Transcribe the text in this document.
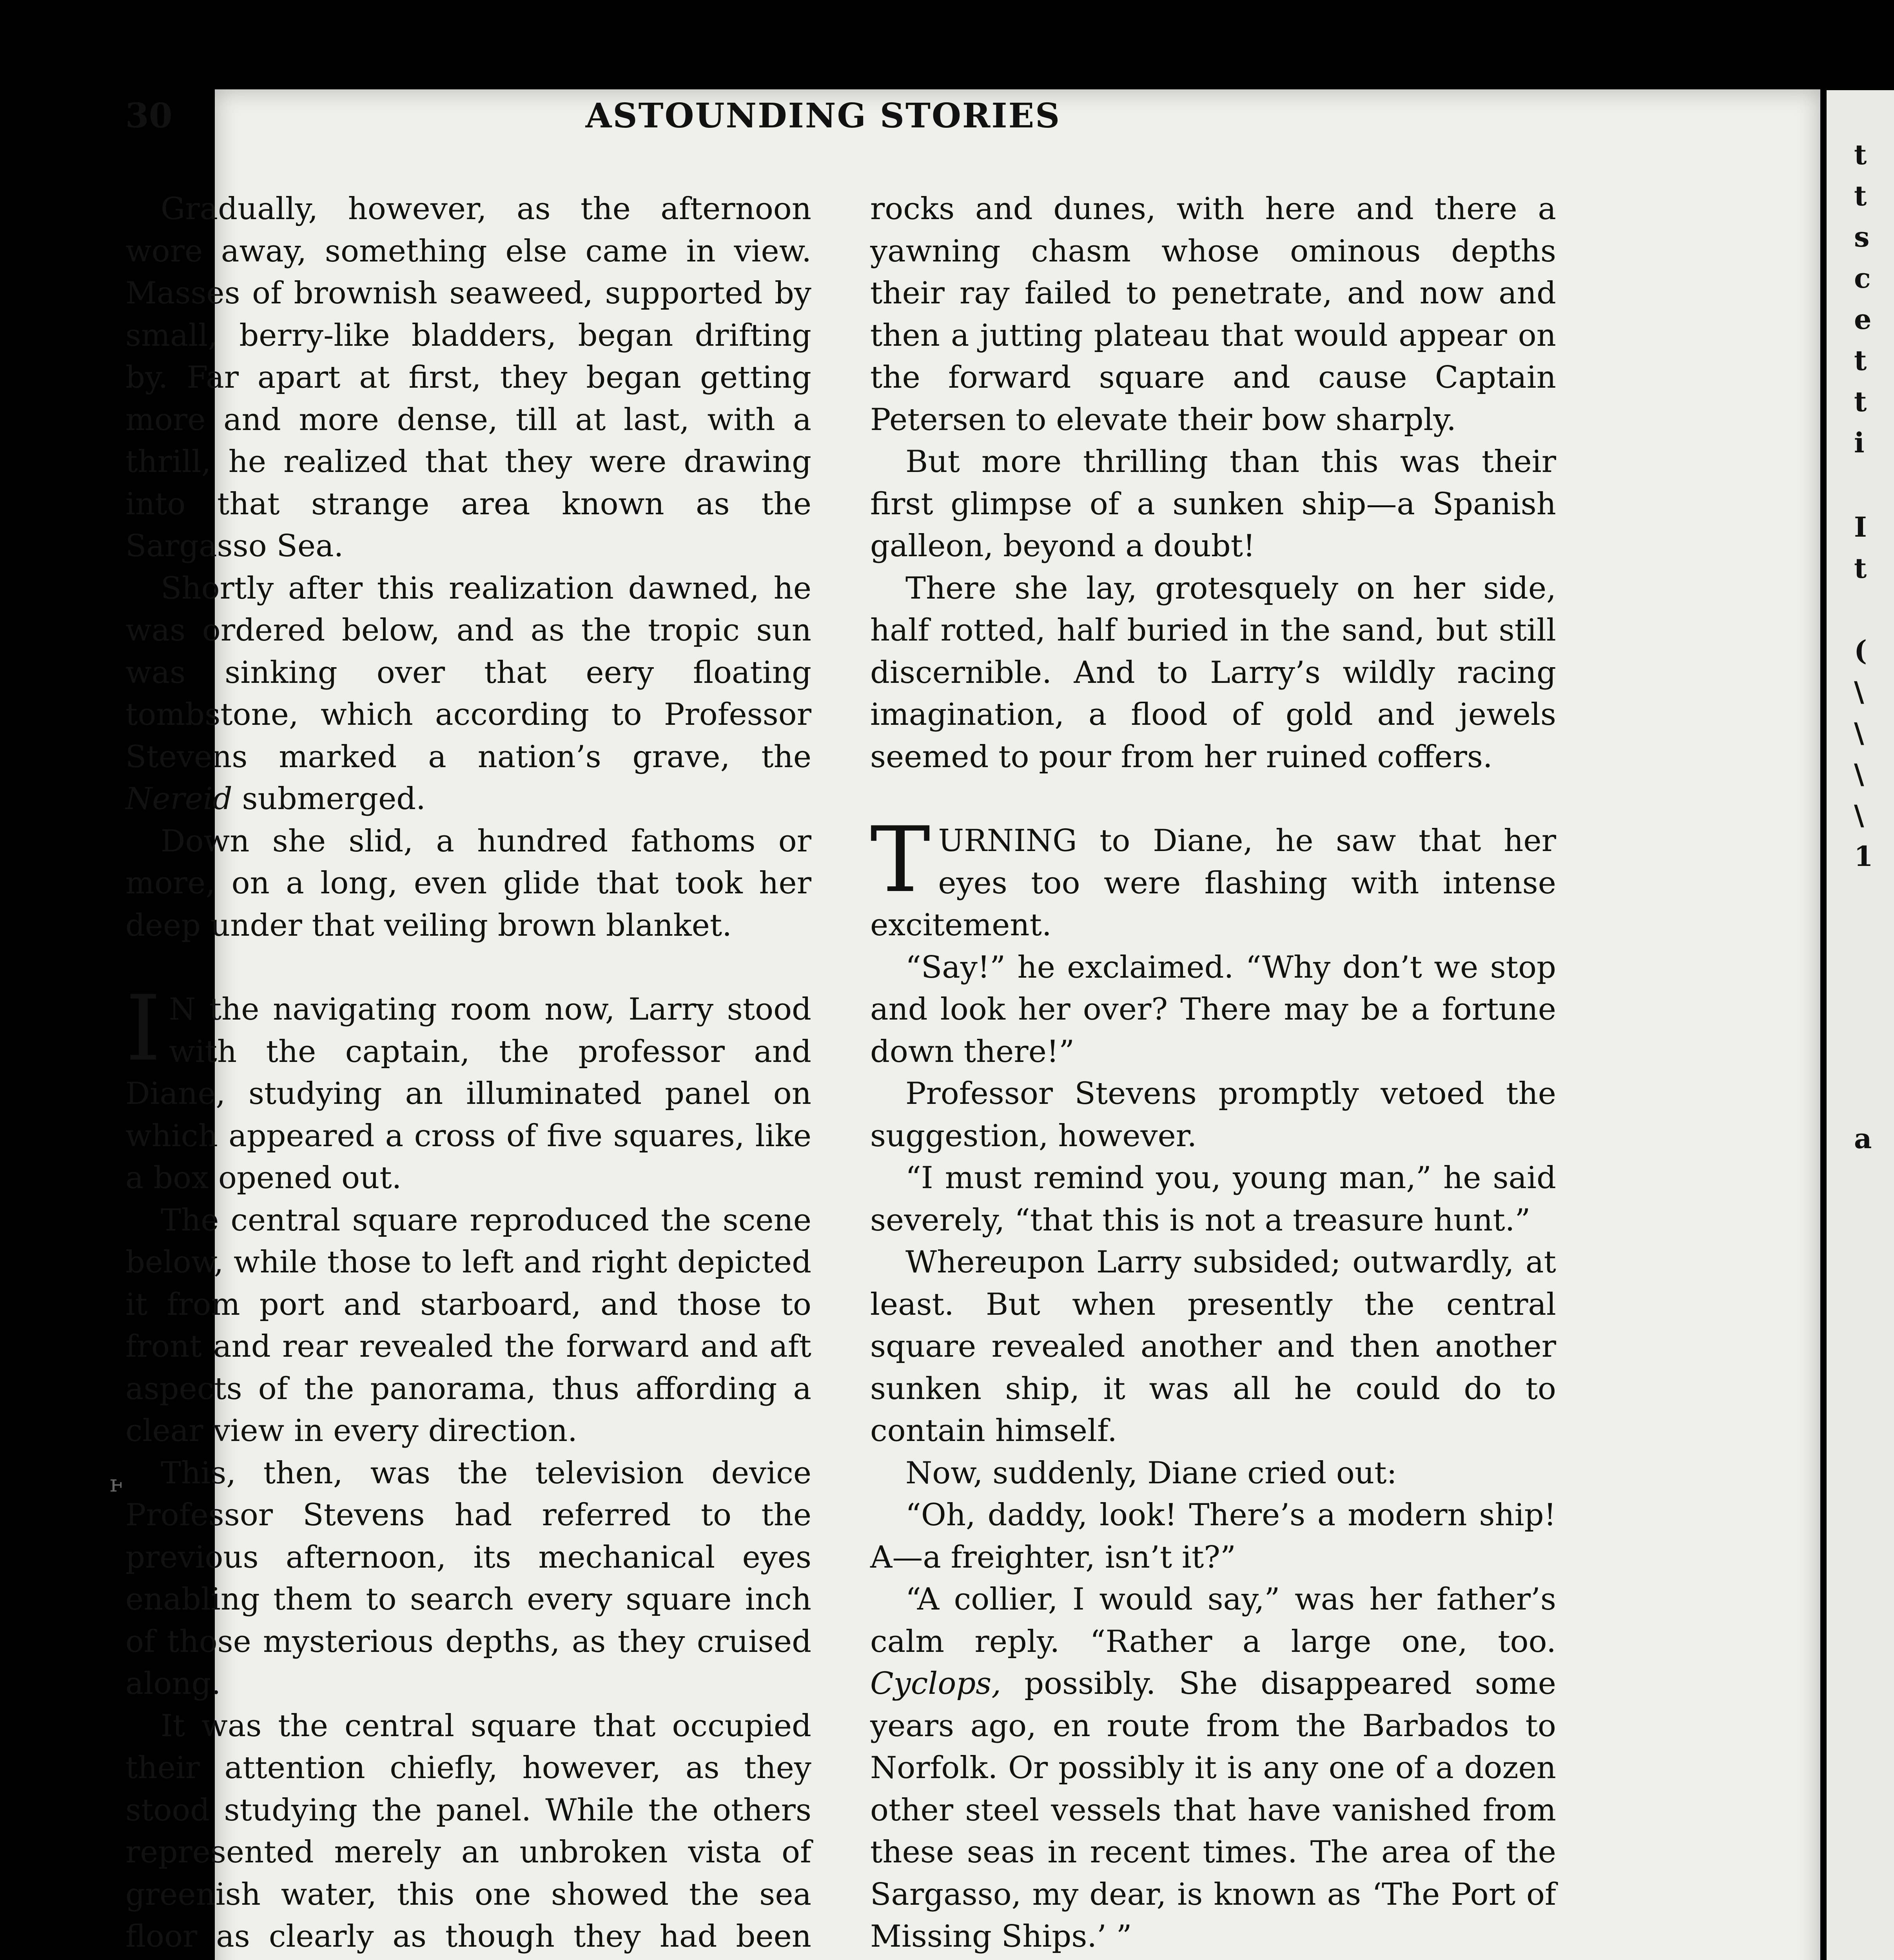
t
t
s
c
e
t
t
i
I
t
(
\
\
\
\
1
a
30	ASTOUNDING STORIES
ⱶ

Gradually, however, as the afternoon wore away, something else came in view. Masses of brownish seaweed, supported by small, berry-like bladders, began drifting by. Far apart at first, they began getting more and more dense, till at last, with a thrill, he realized that they were drawing into that strange area known as the Sargasso Sea.

Shortly after this realization dawned, he was ordered below, and as the tropic sun was sinking over that eery floating tombstone, which according to Professor Stevens marked a nation’s grave, the Nereid submerged.

Down she slid, a hundred fathoms or more, on a long, even glide that took her deep under that veiling brown blanket.

I N the navigating room now, Larry stood with the captain, the professor and Diane, studying an illuminated panel on which appeared a cross of five squares, like a box opened out.

The central square reproduced the scene below, while those to left and right depicted it from port and starboard, and those to front and rear revealed the forward and aft aspects of the panorama, thus affording a clear view in every direction.

This, then, was the television device Professor Stevens had referred to the previous afternoon, its mechanical eyes enabling them to search every square inch of those mysterious depths, as they cruised along.

It was the central square that occupied their attention chiefly, however, as they stood studying the panel. While the others represented merely an unbroken vista of greenish water, this one showed the sea floor as clearly as though they had been

rocks and dunes, with here and there a yawning chasm whose ominous depths their ray failed to penetrate, and now and then a jutting plateau that would appear on the forward square and cause Captain Petersen to elevate their bow sharply.

But more thrilling than this was their first glimpse of a sunken ship—a Spanish galleon, beyond a doubt!

There she lay, grotesquely on her side, half rotted, half buried in the sand, but still discernible. And to Larry’s wildly racing imagination, a flood of gold and jewels seemed to pour from her ruined coffers.

TURNING to Diane, he saw that her eyes too were flashing with intense excitement.

“Say!” he exclaimed. “Why don’t we stop and look her over? There may be a fortune down there!”

Professor Stevens promptly vetoed the suggestion, however.

“I must remind you, young man,” he said severely, “that this is not a treasure hunt.”

Whereupon Larry subsided; outwardly, at least. But when presently the central square revealed another and then another sunken ship, it was all he could do to contain himself.

Now, suddenly, Diane cried out:

“Oh, daddy, look! There’s a modern ship! A—a freighter, isn’t it?”

“A collier, I would say,” was her father’s calm reply. “Rather a large one, too. Cyclops, possibly. She disappeared some years ago, en route from the Barbados to Norfolk. Or possibly it is any one of a dozen other steel vessels that have vanished from these seas in recent times. The area of the Sargasso, my dear, is known as ‘The Port of Missing Ships.’ ”
